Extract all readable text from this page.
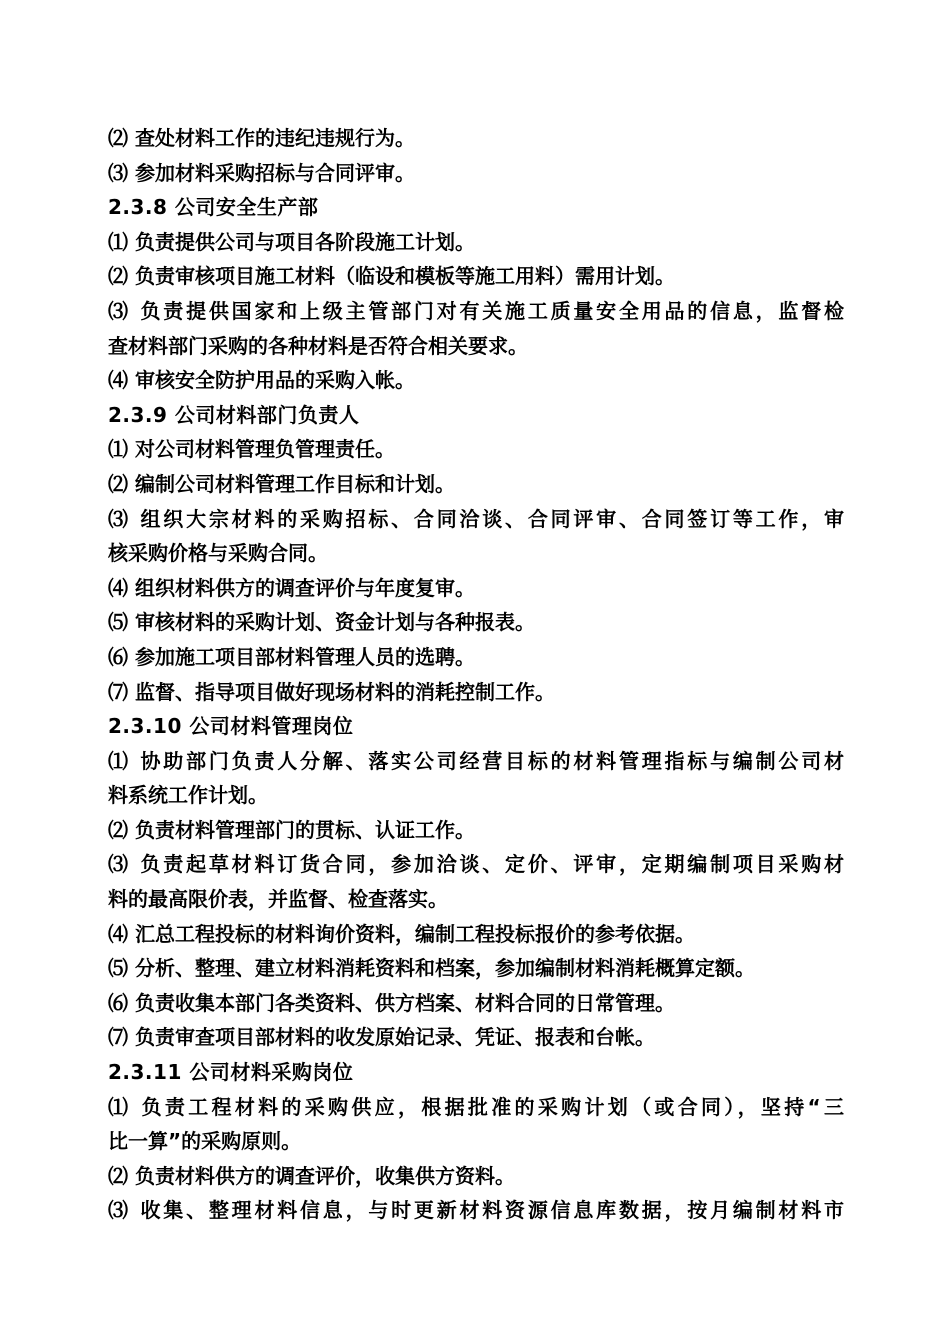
⑵ 查处材料工作的违纪违规行为。
⑶ 参加材料采购招标与合同评审。
2.3.8 公司安全生产部
⑴ 负责提供公司与项目各阶段施工计划。
⑵ 负责审核项目施工材料（临设和模板等施工用料）需用计划。
⑶ 负责提供国家和上级主管部门对有关施工质量安全用品的信息，监督检
查材料部门采购的各种材料是否符合相关要求。
⑷ 审核安全防护用品的采购入帐。
2.3.9 公司材料部门负责人
⑴ 对公司材料管理负管理责任。
⑵ 编制公司材料管理工作目标和计划。
⑶ 组织大宗材料的采购招标、合同洽谈、合同评审、合同签订等工作，审
核采购价格与采购合同。
⑷ 组织材料供方的调查评价与年度复审。
⑸ 审核材料的采购计划、资金计划与各种报表。
⑹ 参加施工项目部材料管理人员的选聘。
⑺ 监督、指导项目做好现场材料的消耗控制工作。
2.3.10 公司材料管理岗位
⑴ 协助部门负责人分解、落实公司经营目标的材料管理指标与编制公司材
料系统工作计划。
⑵ 负责材料管理部门的贯标、认证工作。
⑶ 负责起草材料订货合同，参加洽谈、定价、评审，定期编制项目采购材
料的最高限价表，并监督、检查落实。
⑷ 汇总工程投标的材料询价资料，编制工程投标报价的参考依据。
⑸ 分析、整理、建立材料消耗资料和档案，参加编制材料消耗概算定额。
⑹ 负责收集本部门各类资料、供方档案、材料合同的日常管理。
⑺ 负责审查项目部材料的收发原始记录、凭证、报表和台帐。
2.3.11 公司材料采购岗位
⑴ 负责工程材料的采购供应，根据批准的采购计划（或合同），坚持“三
比一算”的采购原则。
⑵ 负责材料供方的调查评价，收集供方资料。
⑶ 收集、整理材料信息，与时更新材料资源信息库数据，按月编制材料市
